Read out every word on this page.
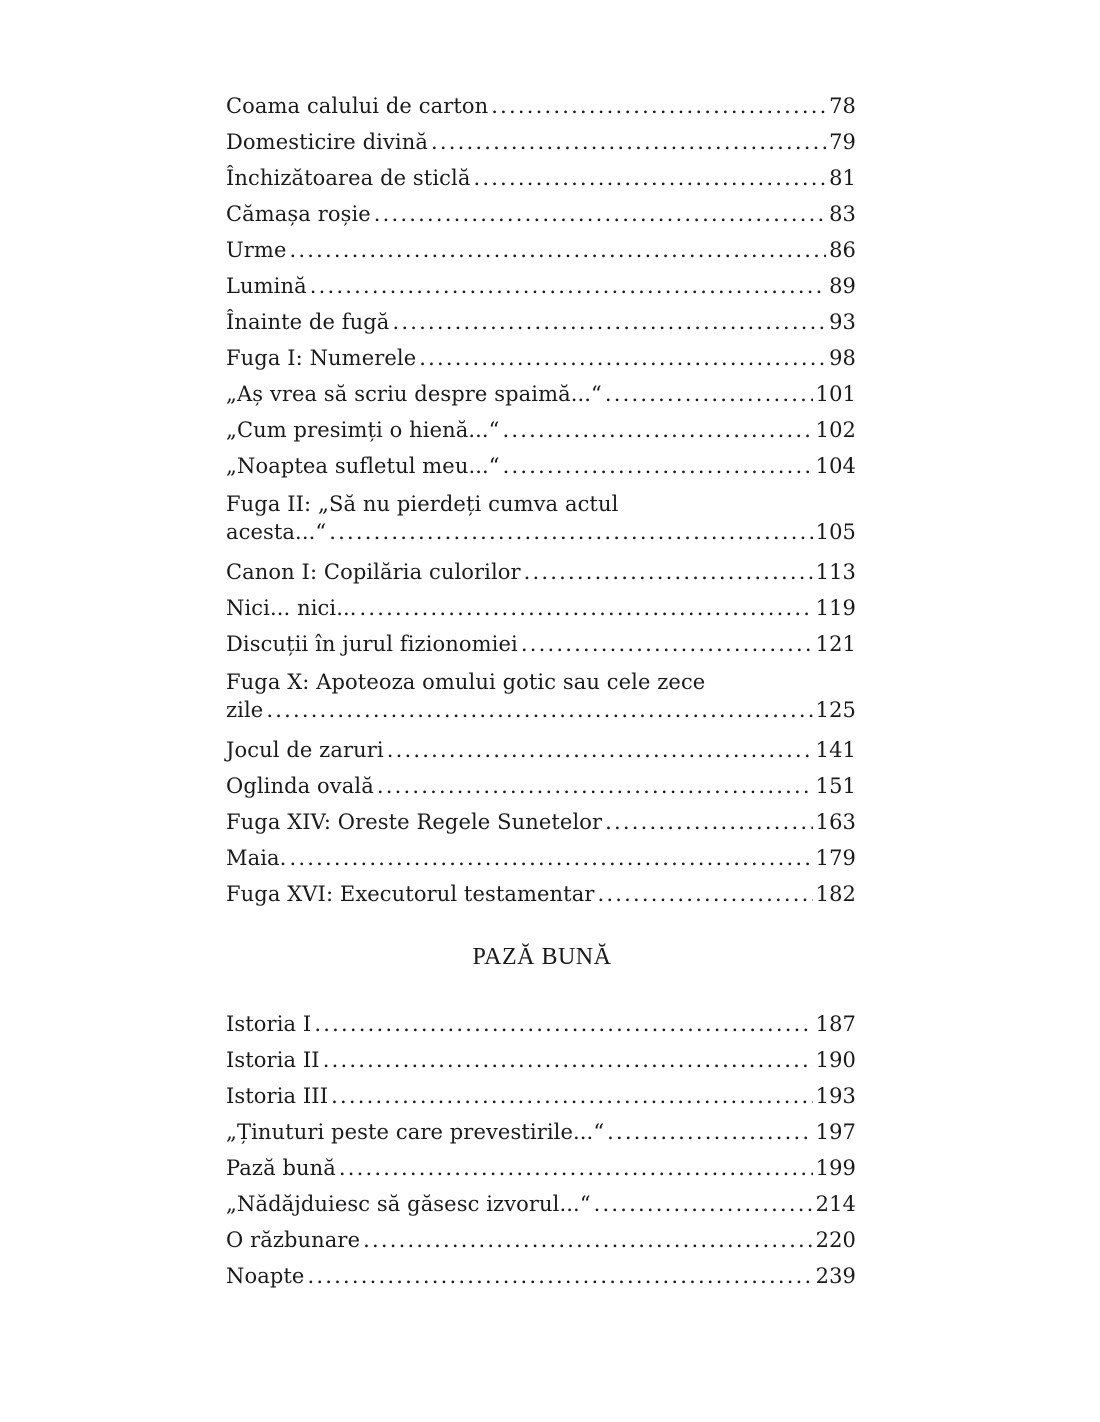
Coama calului de carton .....	78
Domesticire divină .....	79
Închizătoarea de sticlă .....	81
Cămașa roșie .....	83
Urme .....	86
Lumină .....	89
Înainte de fugă .....	93
Fuga I: Numerele .....	98
„Aș vrea să scriu despre spaimă...“ .....	101
„Cum presimți o hienă...“ .....	102
„Noaptea sufletul meu...“ .....	104
Fuga II: „Să nu pierdeți cumva actul
acesta...“ .....	105
Canon I: Copilăria culorilor .....	113
Nici... nici... .....	119
Discuții în jurul fizionomiei .....	121
Fuga X: Apoteoza omului gotic sau cele zece
zile .....	125
Jocul de zaruri .....	141
Oglinda ovală .....	151
Fuga XIV: Oreste Regele Sunetelor .....	163
Maia. .....	179
Fuga XVI: Executorul testamentar .....	182
PAZĂ BUNĂ
Istoria I .....	187
Istoria II .....	190
Istoria III .....	193
„Ținuturi peste care prevestirile...“ .....	197
Pază bună .....	199
„Nădăjduiesc să găsesc izvorul...“ .....	214
O răzbunare .....	220
Noapte .....	239
